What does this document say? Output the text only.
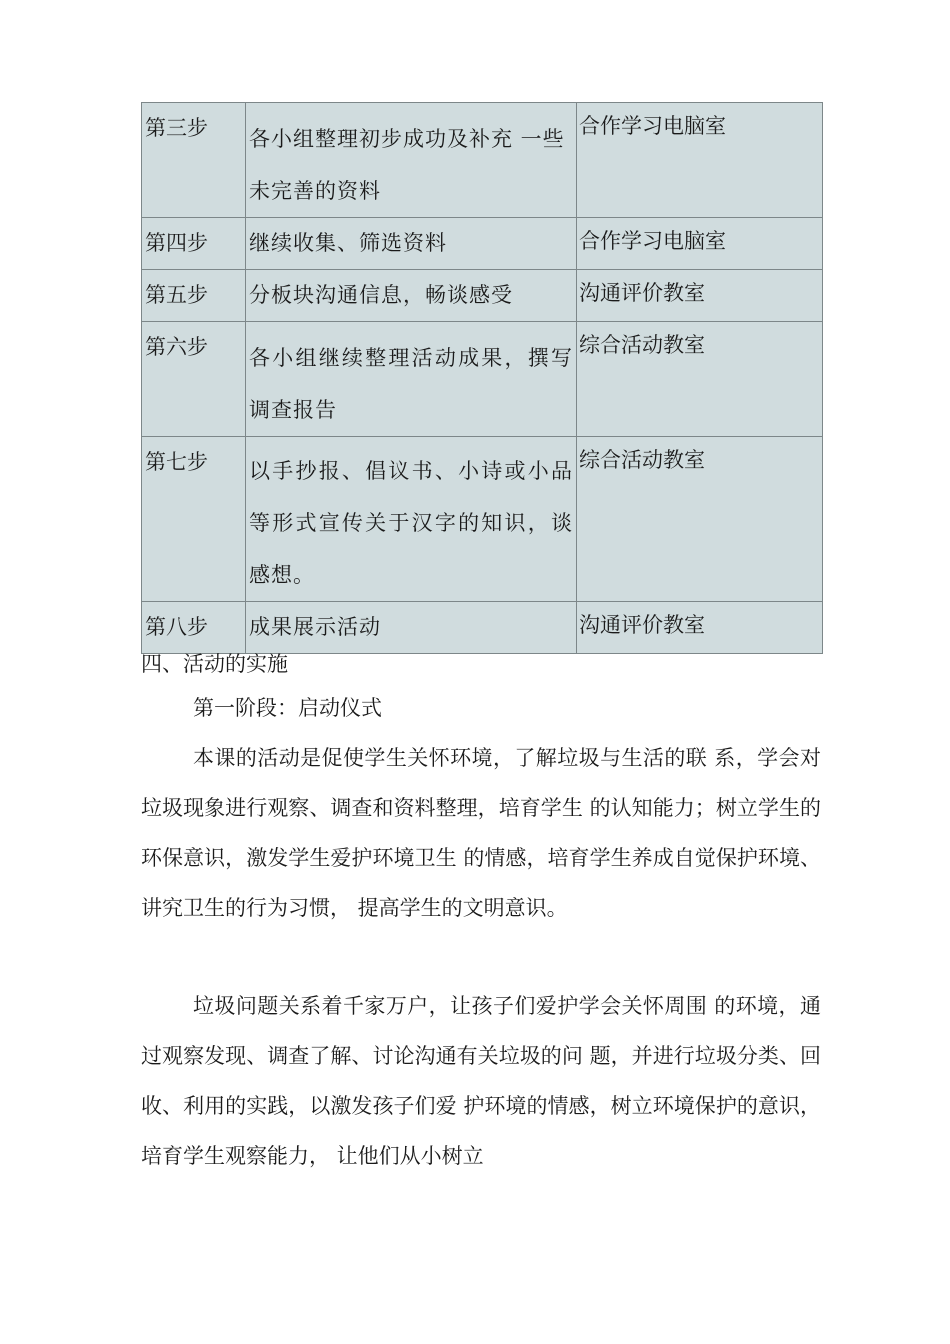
第三步	各小组整理初步成功及补充 一些未完善的资料	合作学习电脑室
第四步	继续收集、筛选资料	合作学习电脑室
第五步	分板块沟通信息，畅谈感受	沟通评价教室
第六步	各小组继续整理活动成果，撰写调查报告	综合活动教室
第七步	以手抄报、倡议书、小诗或小品等形式宣传关于汉字的知识，谈感想。	综合活动教室
第八步	成果展示活动	沟通评价教室
四、活动的实施
第一阶段：启动仪式

本课的活动是促使学生关怀环境，了解垃圾与生活的联 系，学会对垃圾现象进行观察、调查和资料整理，培育学生 的认知能力；树立学生的环保意识，激发学生爱护环境卫生 的情感，培育学生养成自觉保护环境、讲究卫生的行为习惯， 提高学生的文明意识。

垃圾问题关系着千家万户，让孩子们爱护学会关怀周围 的环境，通过观察发现、调查了解、讨论沟通有关垃圾的问 题，并进行垃圾分类、回收、利用的实践，以激发孩子们爱 护环境的情感，树立环境保护的意识，培育学生观察能力， 让他们从小树立
